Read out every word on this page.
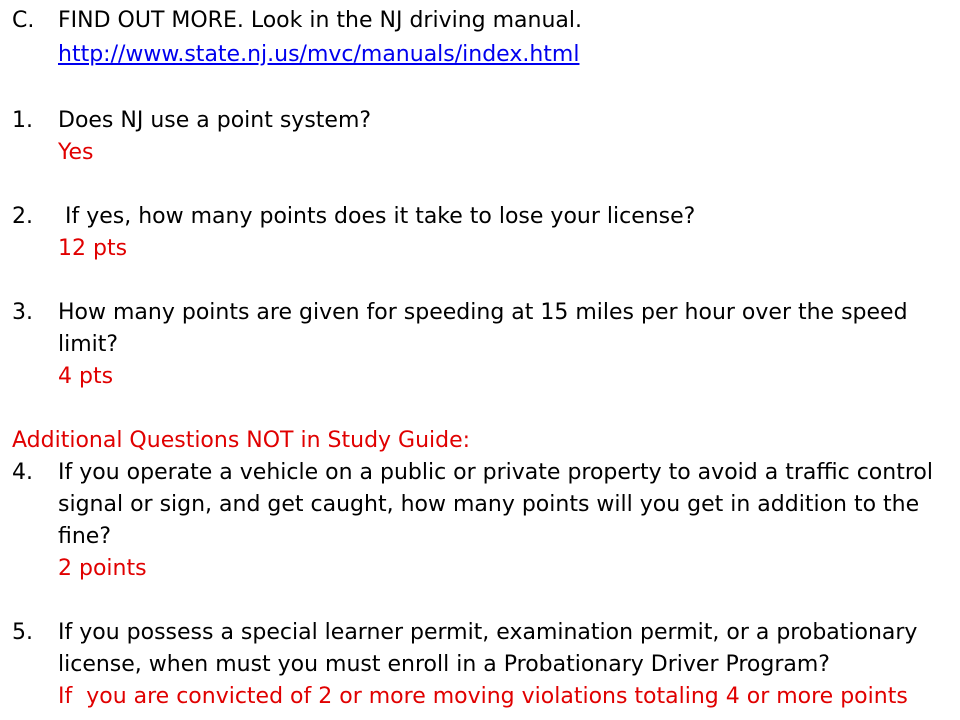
C. FIND OUT MORE. Look in the NJ driving manual.
http://www.state.nj.us/mvc/manuals/index.html
1. Does NJ use a point system?
Yes
2. If yes, how many points does it take to lose your license?
12 pts
3. How many points are given for speeding at 15 miles per hour over the speed
limit?
4 pts
Additional Questions NOT in Study Guide:
4. If you operate a vehicle on a public or private property to avoid a traffic control
signal or sign, and get caught, how many points will you get in addition to the
fine?
2 points
5. If you possess a special learner permit, examination permit, or a probationary
license, when must you must enroll in a Probationary Driver Program?
If  you are convicted of 2 or more moving violations totaling 4 or more points
